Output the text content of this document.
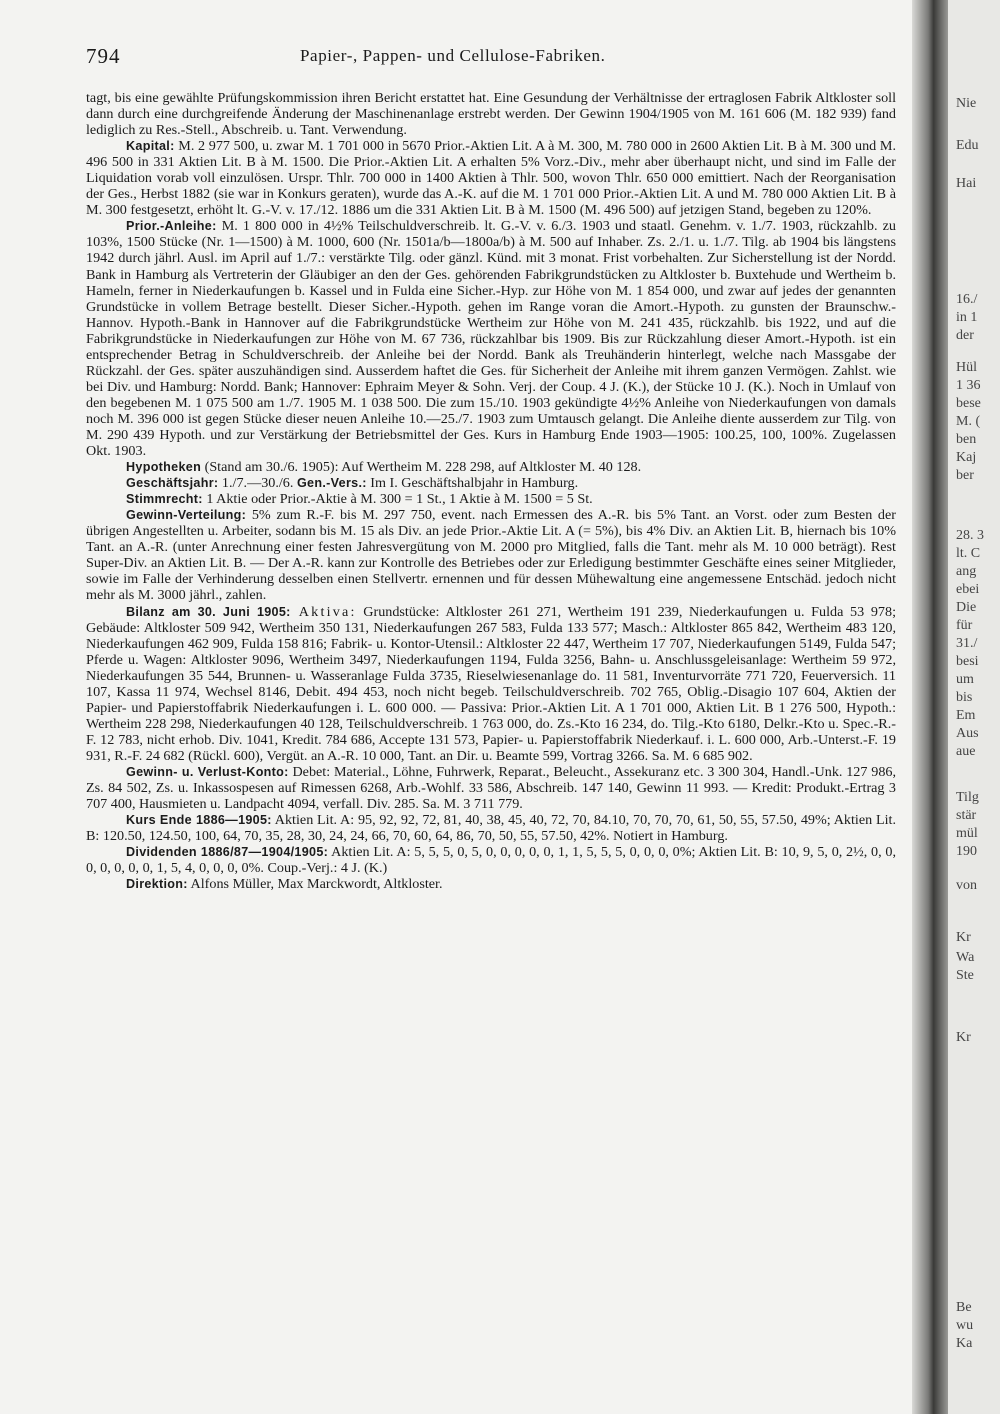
794	Papier-, Pappen- und Cellulose-Fabriken.

tagt, bis eine gewählte Prüfungskommission ihren Bericht erstattet hat. Eine Gesundung der Verhältnisse der ertraglosen Fabrik Altkloster soll dann durch eine durchgreifende Änderung der Maschinenanlage erstrebt werden. Der Gewinn 1904/1905 von M. 161 606 (M. 182 939) fand lediglich zu Res.-Stell., Abschreib. u. Tant. Verwendung.

Kapital: M. 2 977 500, u. zwar M. 1 701 000 in 5670 Prior.-Aktien Lit. A à M. 300, M. 780 000 in 2600 Aktien Lit. B à M. 300 und M. 496 500 in 331 Aktien Lit. B à M. 1500. Die Prior.-Aktien Lit. A erhalten 5% Vorz.-Div., mehr aber überhaupt nicht, und sind im Falle der Liquidation vorab voll einzulösen. Urspr. Thlr. 700 000 in 1400 Aktien à Thlr. 500, wovon Thlr. 650 000 emittiert. Nach der Reorganisation der Ges., Herbst 1882 (sie war in Konkurs geraten), wurde das A.-K. auf die M. 1 701 000 Prior.-Aktien Lit. A und M. 780 000 Aktien Lit. B à M. 300 festgesetzt, erhöht lt. G.-V. v. 17./12. 1886 um die 331 Aktien Lit. B à M. 1500 (M. 496 500) auf jetzigen Stand, begeben zu 120%.

Prior.-Anleihe: M. 1 800 000 in 4½% Teilschuldverschreib. lt. G.-V. v. 6./3. 1903 und staatl. Genehm. v. 1./7. 1903, rückzahlb. zu 103%, 1500 Stücke (Nr. 1—1500) à M. 1000, 600 (Nr. 1501a/b—1800a/b) à M. 500 auf Inhaber. Zs. 2./1. u. 1./7. Tilg. ab 1904 bis längstens 1942 durch jährl. Ausl. im April auf 1./7.: verstärkte Tilg. oder gänzl. Künd. mit 3 monat. Frist vorbehalten. Zur Sicherstellung ist der Nordd. Bank in Hamburg als Vertreterin der Gläubiger an den der Ges. gehörenden Fabrikgrundstücken zu Altkloster b. Buxtehude und Wertheim b. Hameln, ferner in Niederkaufungen b. Kassel und in Fulda eine Sicher.-Hyp. zur Höhe von M. 1 854 000, und zwar auf jedes der genannten Grundstücke in vollem Betrage bestellt. Dieser Sicher.-Hypoth. gehen im Range voran die Amort.-Hypoth. zu gunsten der Braunschw.-Hannov. Hypoth.-Bank in Hannover auf die Fabrikgrundstücke Wertheim zur Höhe von M. 241 435, rückzahlb. bis 1922, und auf die Fabrikgrundstücke in Niederkaufungen zur Höhe von M. 67 736, rückzahlbar bis 1909. Bis zur Rückzahlung dieser Amort.-Hypoth. ist ein entsprechender Betrag in Schuldverschreib. der Anleihe bei der Nordd. Bank als Treuhänderin hinterlegt, welche nach Massgabe der Rückzahl. der Ges. später auszuhändigen sind. Ausserdem haftet die Ges. für Sicherheit der Anleihe mit ihrem ganzen Vermögen. Zahlst. wie bei Div. und Hamburg: Nordd. Bank; Hannover: Ephraim Meyer & Sohn. Verj. der Coup. 4 J. (K.), der Stücke 10 J. (K.). Noch in Umlauf von den begebenen M. 1 075 500 am 1./7. 1905 M. 1 038 500. Die zum 15./10. 1903 gekündigte 4½% Anleihe von Niederkaufungen von damals noch M. 396 000 ist gegen Stücke dieser neuen Anleihe 10.—25./7. 1903 zum Umtausch gelangt. Die Anleihe diente ausserdem zur Tilg. von M. 290 439 Hypoth. und zur Verstärkung der Betriebsmittel der Ges. Kurs in Hamburg Ende 1903—1905: 100.25, 100, 100%. Zugelassen Okt. 1903.

Hypotheken (Stand am 30./6. 1905): Auf Wertheim M. 228 298, auf Altkloster M. 40 128.

Geschäftsjahr: 1./7.—30./6. Gen.-Vers.: Im I. Geschäftshalbjahr in Hamburg.

Stimmrecht: 1 Aktie oder Prior.-Aktie à M. 300 = 1 St., 1 Aktie à M. 1500 = 5 St.

Gewinn-Verteilung: 5% zum R.-F. bis M. 297 750, event. nach Ermessen des A.-R. bis 5% Tant. an Vorst. oder zum Besten der übrigen Angestellten u. Arbeiter, sodann bis M. 15 als Div. an jede Prior.-Aktie Lit. A (= 5%), bis 4% Div. an Aktien Lit. B, hiernach bis 10% Tant. an A.-R. (unter Anrechnung einer festen Jahresvergütung von M. 2000 pro Mitglied, falls die Tant. mehr als M. 10 000 beträgt). Rest Super-Div. an Aktien Lit. B. — Der A.-R. kann zur Kontrolle des Betriebes oder zur Erledigung bestimmter Geschäfte eines seiner Mitglieder, sowie im Falle der Verhinderung desselben einen Stellvertr. ernennen und für dessen Mühewaltung eine angemessene Entschäd. jedoch nicht mehr als M. 3000 jährl., zahlen.

Bilanz am 30. Juni 1905: Aktiva: Grundstücke: Altkloster 261 271, Wertheim 191 239, Niederkaufungen u. Fulda 53 978; Gebäude: Altkloster 509 942, Wertheim 350 131, Niederkaufungen 267 583, Fulda 133 577; Masch.: Altkloster 865 842, Wertheim 483 120, Niederkaufungen 462 909, Fulda 158 816; Fabrik- u. Kontor-Utensil.: Altkloster 22 447, Wertheim 17 707, Niederkaufungen 5149, Fulda 547; Pferde u. Wagen: Altkloster 9096, Wertheim 3497, Niederkaufungen 1194, Fulda 3256, Bahn- u. Anschlussgeleisanlage: Wertheim 59 972, Niederkaufungen 35 544, Brunnen- u. Wasseranlage Fulda 3735, Rieselwiesenanlage do. 11 581, Inventurvorräte 771 720, Feuerversich. 11 107, Kassa 11 974, Wechsel 8146, Debit. 494 453, noch nicht begeb. Teilschuldverschreib. 702 765, Oblig.-Disagio 107 604, Aktien der Papier- und Papierstoffabrik Niederkaufungen i. L. 600 000. — Passiva: Prior.-Aktien Lit. A 1 701 000, Aktien Lit. B 1 276 500, Hypoth.: Wertheim 228 298, Niederkaufungen 40 128, Teilschuldverschreib. 1 763 000, do. Zs.-Kto 16 234, do. Tilg.-Kto 6180, Delkr.-Kto u. Spec.-R.-F. 12 783, nicht erhob. Div. 1041, Kredit. 784 686, Accepte 131 573, Papier- u. Papierstoffabrik Niederkauf. i. L. 600 000, Arb.-Unterst.-F. 19 931, R.-F. 24 682 (Rückl. 600), Vergüt. an A.-R. 10 000, Tant. an Dir. u. Beamte 599, Vortrag 3266. Sa. M. 6 685 902.

Gewinn- u. Verlust-Konto: Debet: Material., Löhne, Fuhrwerk, Reparat., Beleucht., Assekuranz etc. 3 300 304, Handl.-Unk. 127 986, Zs. 84 502, Zs. u. Inkassospesen auf Rimessen 6268, Arb.-Wohlf. 33 586, Abschreib. 147 140, Gewinn 11 993. — Kredit: Produkt.-Ertrag 3 707 400, Hausmieten u. Landpacht 4094, verfall. Div. 285. Sa. M. 3 711 779.

Kurs Ende 1886—1905: Aktien Lit. A: 95, 92, 92, 72, 81, 40, 38, 45, 40, 72, 70, 84.10, 70, 70, 70, 61, 50, 55, 57.50, 49%; Aktien Lit. B: 120.50, 124.50, 100, 64, 70, 35, 28, 30, 24, 24, 66, 70, 60, 64, 86, 70, 50, 55, 57.50, 42%. Notiert in Hamburg.

Dividenden 1886/87—1904/1905: Aktien Lit. A: 5, 5, 5, 0, 5, 0, 0, 0, 0, 0, 1, 1, 5, 5, 5, 0, 0, 0, 0%; Aktien Lit. B: 10, 9, 5, 0, 2½, 0, 0, 0, 0, 0, 0, 0, 1, 5, 4, 0, 0, 0, 0%. Coup.-Verj.: 4 J. (K.)

Direktion: Alfons Müller, Max Marckwordt, Altkloster.

Nie
Edu
Hai
16./
in 1
der
Hül
1 36
bese
M. (
ben
Kaj
ber
28. 3
lt. C
ang
ebei
Die
für
31./
besi
um
bis
Em
Aus
aue
Tilg
stär
mül
190
von
Kr
Wa
Ste
Kr
Be
wu
Ka
